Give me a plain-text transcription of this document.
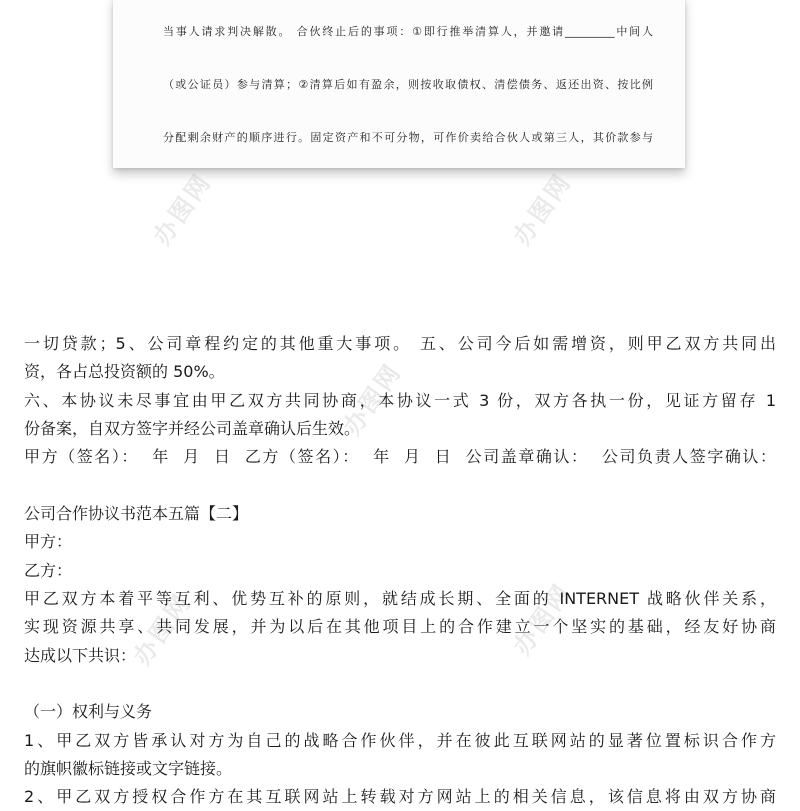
当事人请求判决解散。 合伙终止后的事项：①即行推举清算人，并邀请_________中间人

（或公证员）参与清算；②清算后如有盈余，则按收取债权、清偿债务、返还出资、按比例

分配剩余财产的顺序进行。固定资产和不可分物，可作价卖给合伙人或第三人，其价款参与

办图网	办图网
办图网
办图网	办图网

一切贷款；5、公司章程约定的其他重大事项。 五、公司今后如需增资，则甲乙双方共同出

资，各占总投资额的 50%。

六、本协议未尽事宜由甲乙双方共同协商，本协议一式 3 份，双方各执一份，见证方留存 1

份备案，自双方签字并经公司盖章确认后生效。

甲方（签名）：  年  月  日  乙方（签名）：  年  月  日  公司盖章确认：  公司负责人签字确认：

公司合作协议书范本五篇【二】

甲方：

乙方：

甲乙双方本着平等互利、优势互补的原则，就结成长期、全面的 INTERNET 战略伙伴关系，

实现资源共享、共同发展，并为以后在其他项目上的合作建立一个坚实的基础，经友好协商

达成以下共识：

（一）权利与义务

1、甲乙双方皆承认对方为自己的战略合作伙伴，并在彼此互联网站的显著位置标识合作方

的旗帜徽标链接或文字链接。

2、甲乙双方授权合作方在其互联网站上转载对方网站上的相关信息，该信息将由双方协商
